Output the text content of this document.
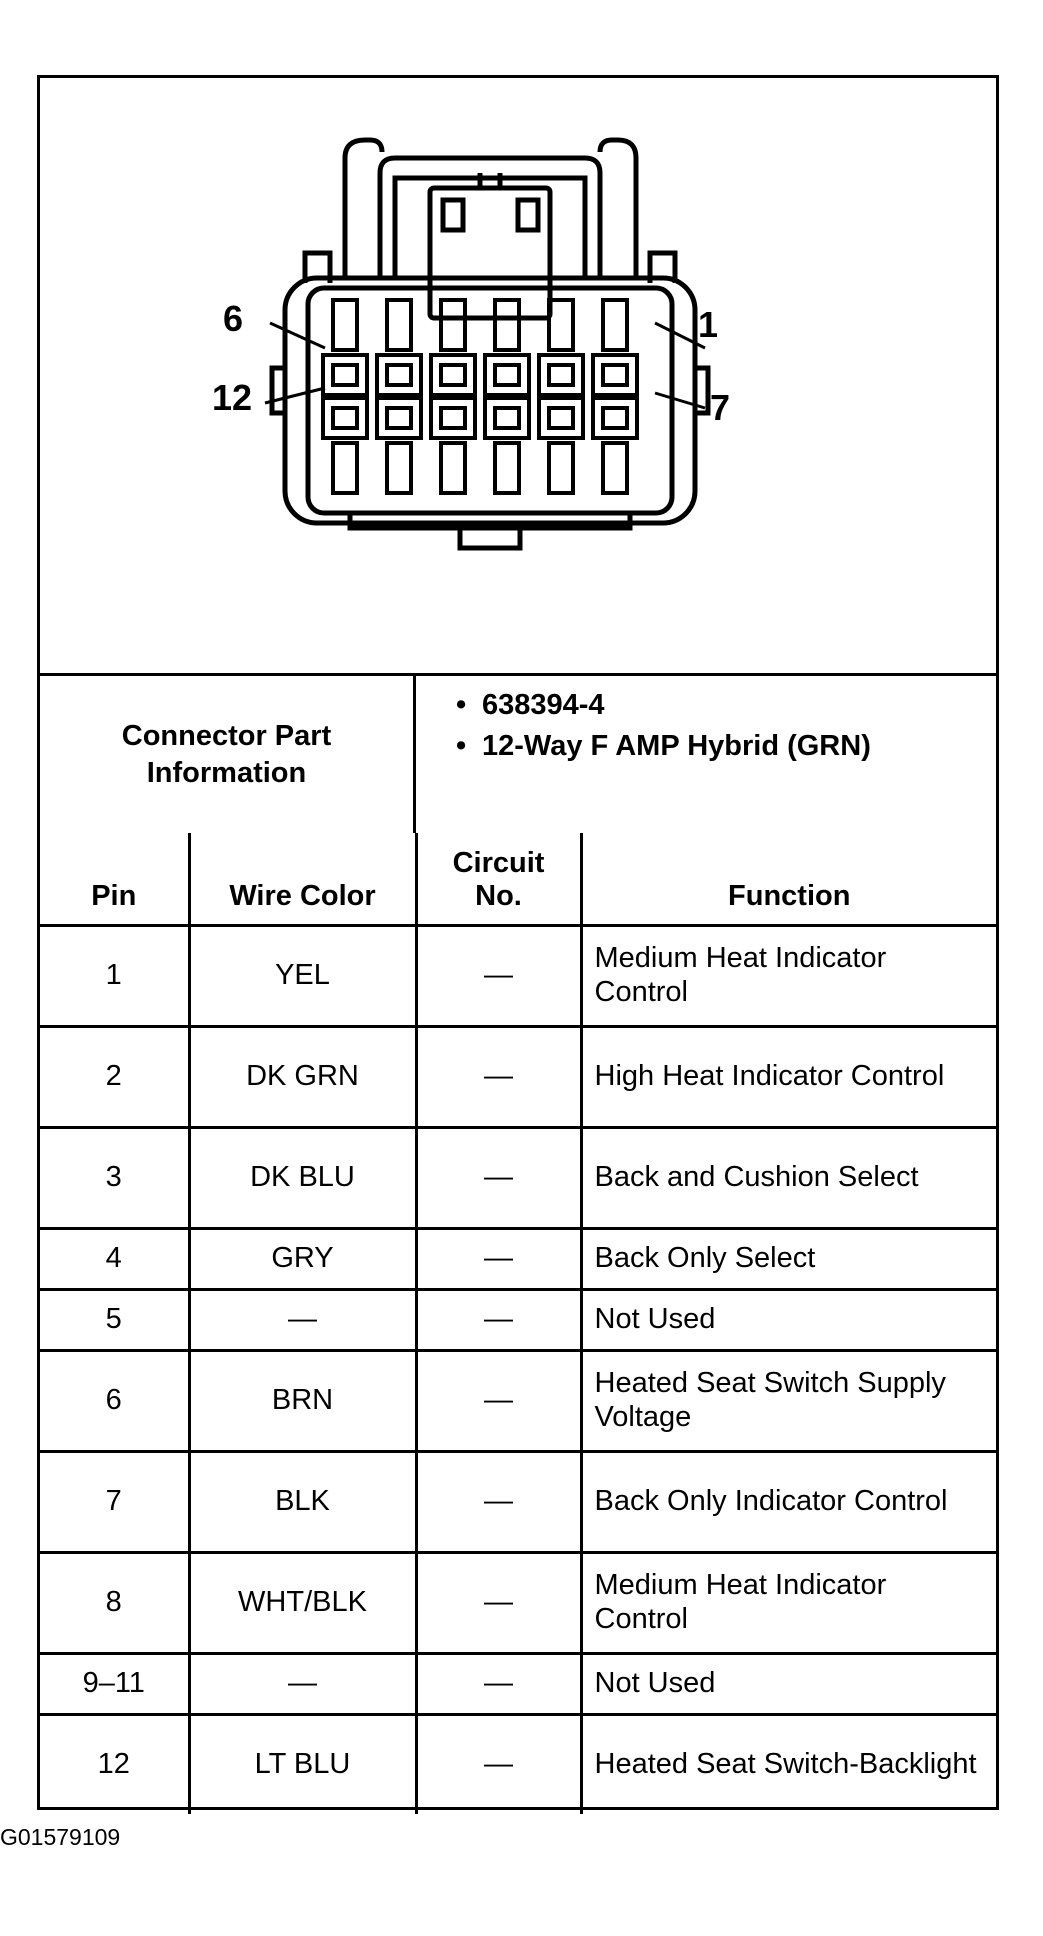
6	1
12	7
Connector Part Information
• 638394-4
• 12-Way F AMP Hybrid (GRN)
Pin	Wire Color	Circuit No.	Function
1	YEL	—	Medium Heat Indicator Control
2	DK GRN	—	High Heat Indicator Control
3	DK BLU	—	Back and Cushion Select
4	GRY	—	Back Only Select
5	—	—	Not Used
6	BRN	—	Heated Seat Switch Supply Voltage
7	BLK	—	Back Only Indicator Control
8	WHT/BLK	—	Medium Heat Indicator Control
9–11	—	—	Not Used
12	LT BLU	—	Heated Seat Switch-Backlight
G01579109
